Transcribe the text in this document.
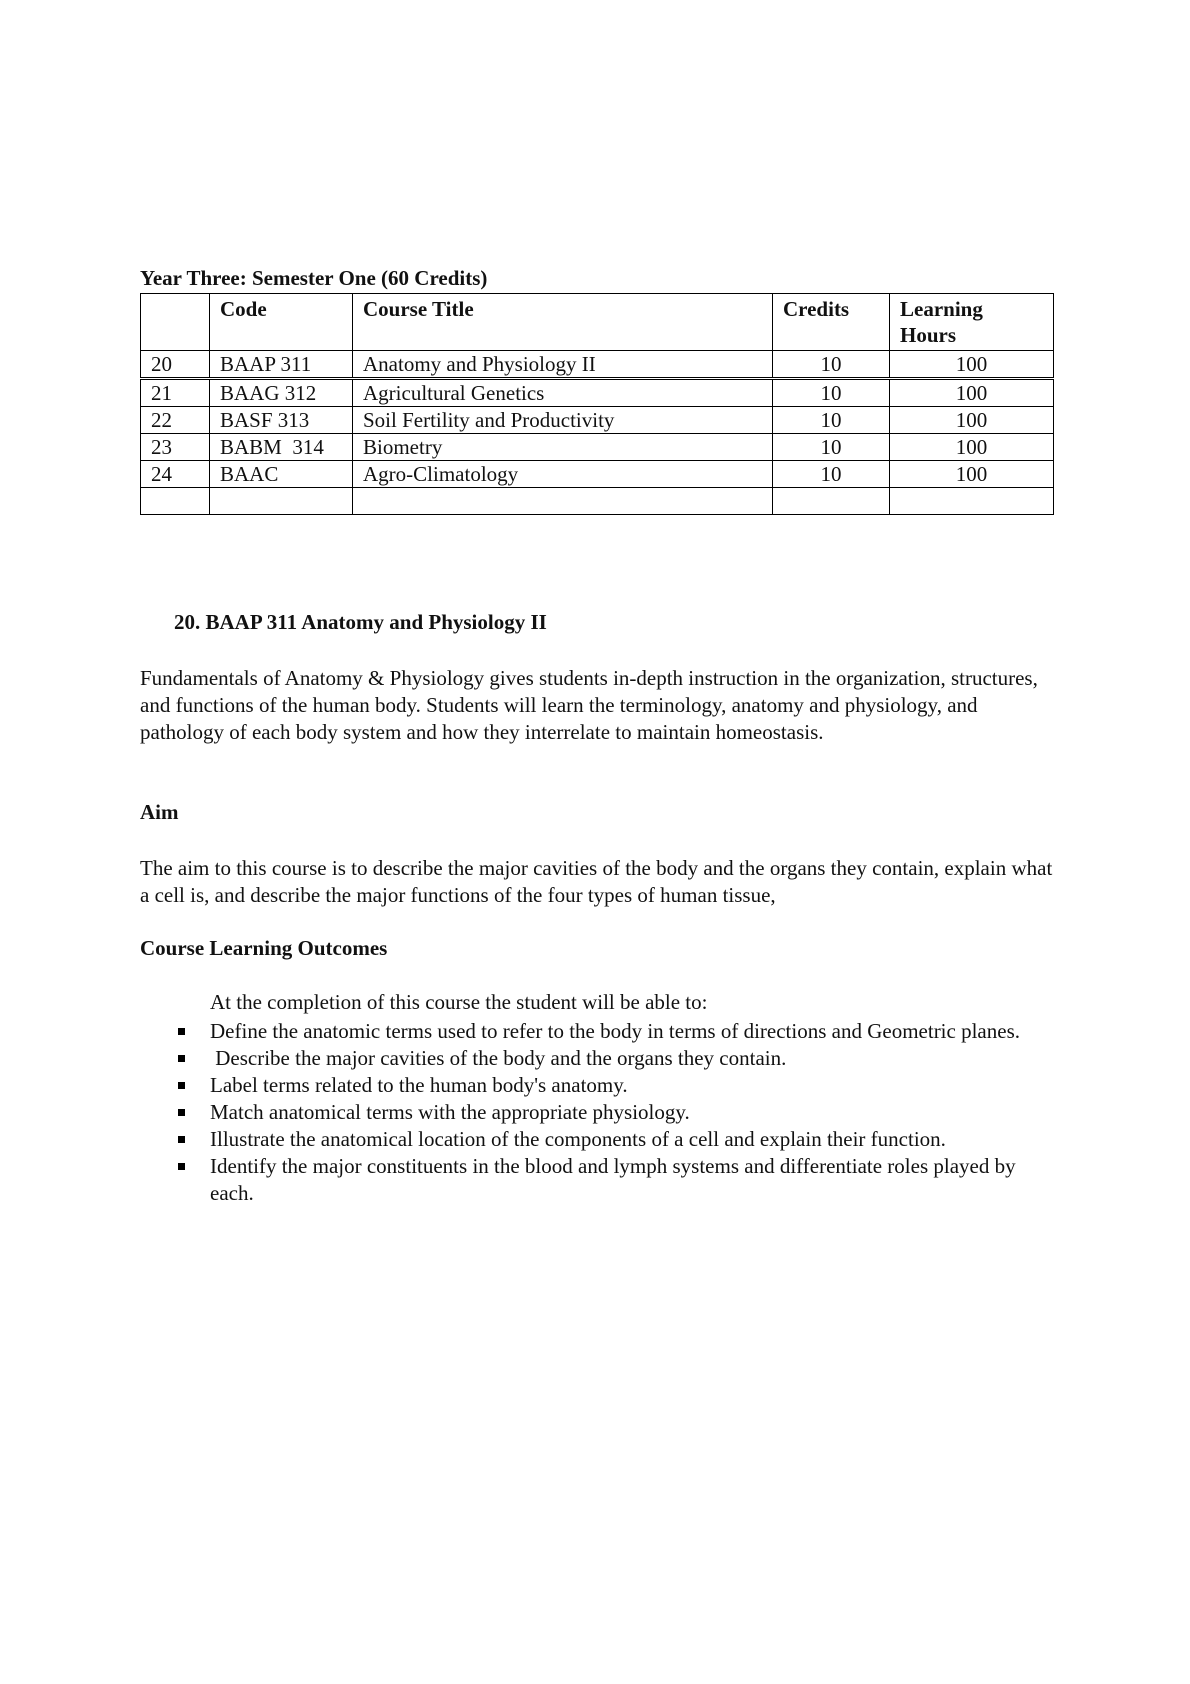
Year Three: Semester One (60 Credits)
	Code	Course Title	Credits	Learning Hours
20	BAAP 311	Anatomy and Physiology II	10	100
21	BAAG 312	Agricultural Genetics	10	100
22	BASF 313	Soil Fertility and Productivity	10	100
23	BABM  314	Biometry	10	100
24	BAAC	Agro-Climatology	10	100

20. BAAP 311 Anatomy and Physiology II

Fundamentals of Anatomy & Physiology gives students in-depth instruction in the organization, structures, and functions of the human body. Students will learn the terminology, anatomy and physiology, and pathology of each body system and how they interrelate to maintain homeostasis.

Aim

The aim to this course is to describe the major cavities of the body and the organs they contain, explain what a cell is, and describe the major functions of the four types of human tissue,

Course Learning Outcomes
At the completion of this course the student will be able to:
Define the anatomic terms used to refer to the body in terms of directions and Geometric planes.
Describe the major cavities of the body and the organs they contain.
Label terms related to the human body's anatomy.
Match anatomical terms with the appropriate physiology.
Illustrate the anatomical location of the components of a cell and explain their function.
Identify the major constituents in the blood and lymph systems and differentiate roles played by each.
